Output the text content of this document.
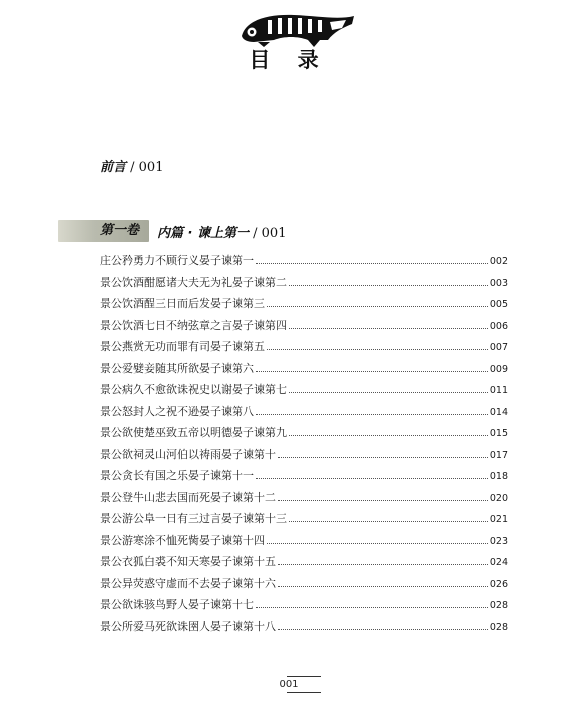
目 录
前言 / 001
第一卷	内篇 · 谏上第一 / 001
庄公矜勇力不顾行义晏子谏第一	002
景公饮酒酣愿诸大夫无为礼晏子谏第二	003
景公饮酒酲三日而后发晏子谏第三	005
景公饮酒七日不纳弦章之言晏子谏第四	006
景公燕赏无功而罪有司晏子谏第五	007
景公爱嬖妾随其所欲晏子谏第六	009
景公病久不愈欲诛祝史以谢晏子谏第七	011
景公怒封人之祝不逊晏子谏第八	014
景公欲使楚巫致五帝以明德晏子谏第九	015
景公欲祠灵山河伯以祷雨晏子谏第十	017
景公贪长有国之乐晏子谏第十一	018
景公登牛山悲去国而死晏子谏第十二	020
景公游公阜一日有三过言晏子谏第十三	021
景公游寒涂不恤死胔晏子谏第十四	023
景公衣狐白裘不知天寒晏子谏第十五	024
景公异荧惑守虚而不去晏子谏第十六	026
景公欲诛骇鸟野人晏子谏第十七	028
景公所爱马死欲诛圉人晏子谏第十八	028
001
